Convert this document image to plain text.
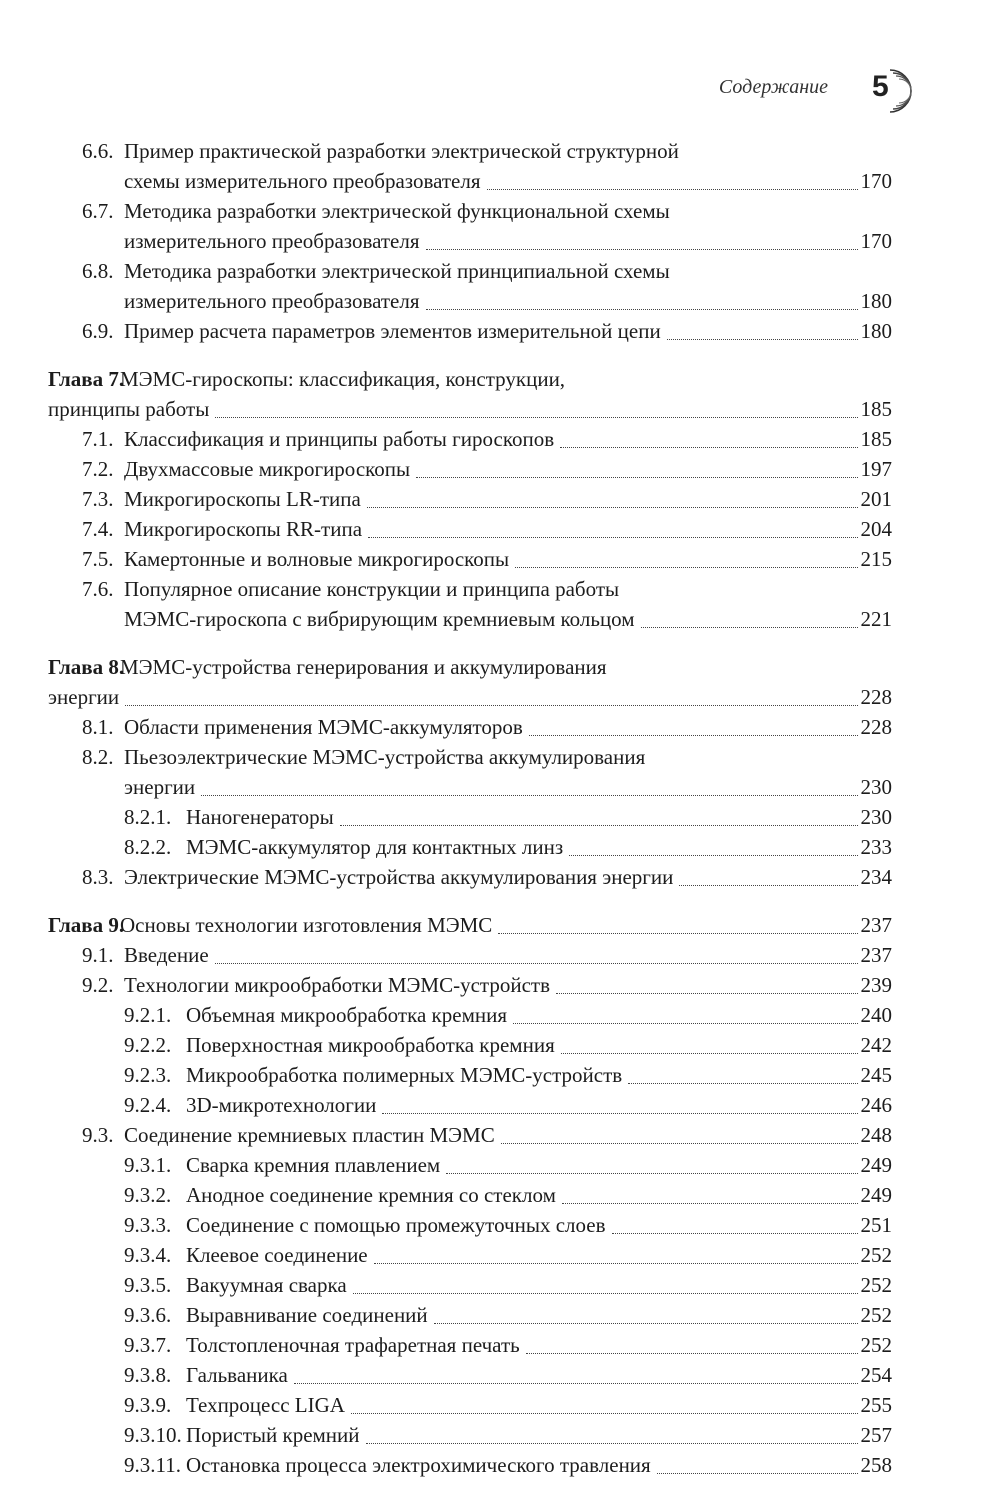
Содержание 5
6.6. Пример практической разработки электрической структурной
схемы измерительного преобразователя	170
6.7. Методика разработки электрической функциональной схемы
измерительного преобразователя	170
6.8. Методика разработки электрической принципиальной схемы
измерительного преобразователя	180
6.9. Пример расчета параметров элементов измерительной цепи	180
Глава 7.
МЭМС-гироскопы: классификация, конструкции,
принципы работы	185
7.1. Классификация и принципы работы гироскопов	185
7.2. Двухмассовые микрогироскопы	197
7.3. Микрогироскопы LR-типа	201
7.4. Микрогироскопы RR-типа	204
7.5. Камертонные и волновые микрогироскопы	215
7.6. Популярное описание конструкции и принципа работы
МЭМС-гироскопа с вибрирующим кремниевым кольцом	221
Глава 8.
МЭМС-устройства генерирования и аккумулирования
энергии	228
8.1. Области применения МЭМС-аккумуляторов	228
8.2. Пьезоэлектрические МЭМС-устройства аккумулирования
энергии	230
8.2.1. Наногенераторы	230
8.2.2. МЭМС-аккумулятор для контактных линз	233
8.3. Электрические МЭМС-устройства аккумулирования энергии	234
Глава 9.
Основы технологии изготовления МЭМС	237
9.1. Введение	237
9.2. Технологии микрообработки МЭМС-устройств	239
9.2.1. Объемная микрообработка кремния	240
9.2.2. Поверхностная микрообработка кремния	242
9.2.3. Микрообработка полимерных МЭМС-устройств	245
9.2.4. 3D-микротехнологии	246
9.3. Соединение кремниевых пластин МЭМС	248
9.3.1. Сварка кремния плавлением	249
9.3.2. Анодное соединение кремния со стеклом	249
9.3.3. Соединение с помощью промежуточных слоев	251
9.3.4. Клеевое соединение	252
9.3.5. Вакуумная сварка	252
9.3.6. Выравнивание соединений	252
9.3.7. Толстопленочная трафаретная печать	252
9.3.8. Гальваника	254
9.3.9. Техпроцесс LIGA	255
9.3.10. Пористый кремний	257
9.3.11. Остановка процесса электрохимического травления	258
